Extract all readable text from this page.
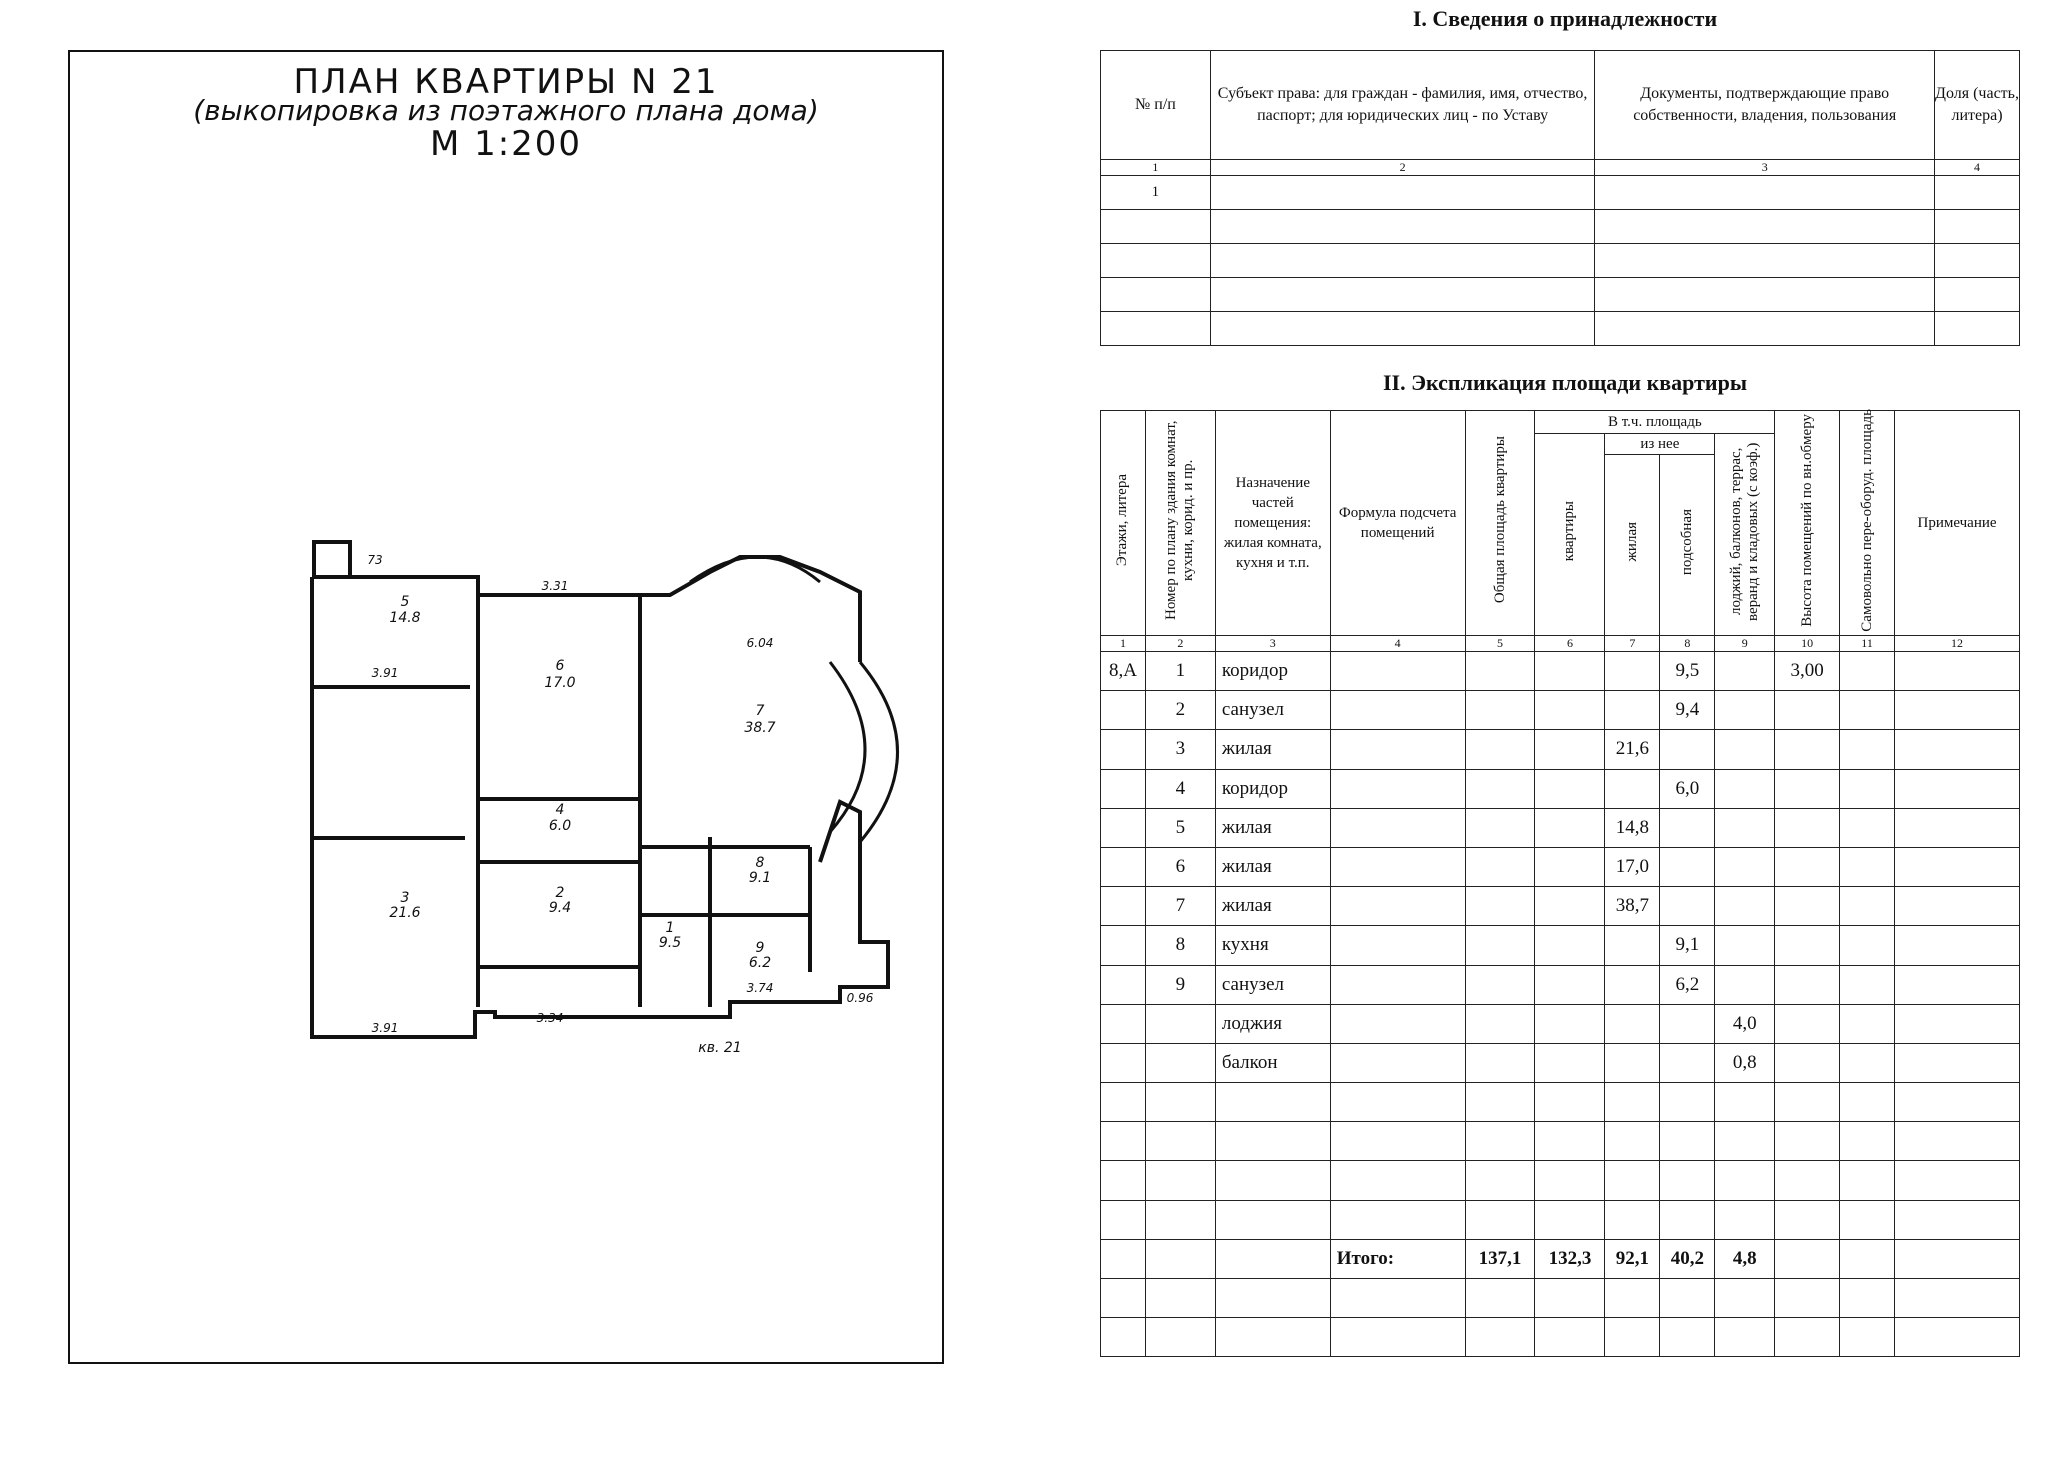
ПЛАН КВАРТИРЫ N 21
(выкопировка из поэтажного плана дома)
М 1:200
14.8
5
21.6
3
17.0
6
6.0
4
9.4
2
38.7
7
9.1
8
9.5
1
6.2
9
кв. 21
73
3.91
3.91
3.31
6.04
3.74
3.34
0.96
I. Сведения о принадлежности
№ п/п	Субъект права: для граждан - фамилия, имя, отчество, паспорт; для юридических лиц - по Уставу	Документы, подтверждающие право собственности, владения, пользования	Доля (часть, литера)
1	2	3	4
1			

II. Экспликация площади квартиры
Этажи, литера	Номер по плану здания комнат, кухни, корид. и пр.	Назначение частей помещения: жилая комната, кухня и т.п.	Формула подсчета помещений	Общая площадь квартиры	В т.ч. площадь				Высота помещений по вн.обмеру	Самовольно пере-оборуд. площадь	Примечание
					квартиры	из нее		лоджий, балконов, террас, веранд и кладовых (с коэф.)			
						жилая	подсобная				
1	2	3	4	5	6	7	8	9	10	11	12
8,А	1	коридор					9,5		3,00		
	2	санузел					9,4				
	3	жилая				21,6					
	4	коридор					6,0				
	5	жилая				14,8					
	6	жилая				17,0					
	7	жилая				38,7					
	8	кухня					9,1				
	9	санузел					6,2				
		лоджия						4,0			
		балкон						0,8			

			Итого:	137,1	132,3	92,1	40,2	4,8			
